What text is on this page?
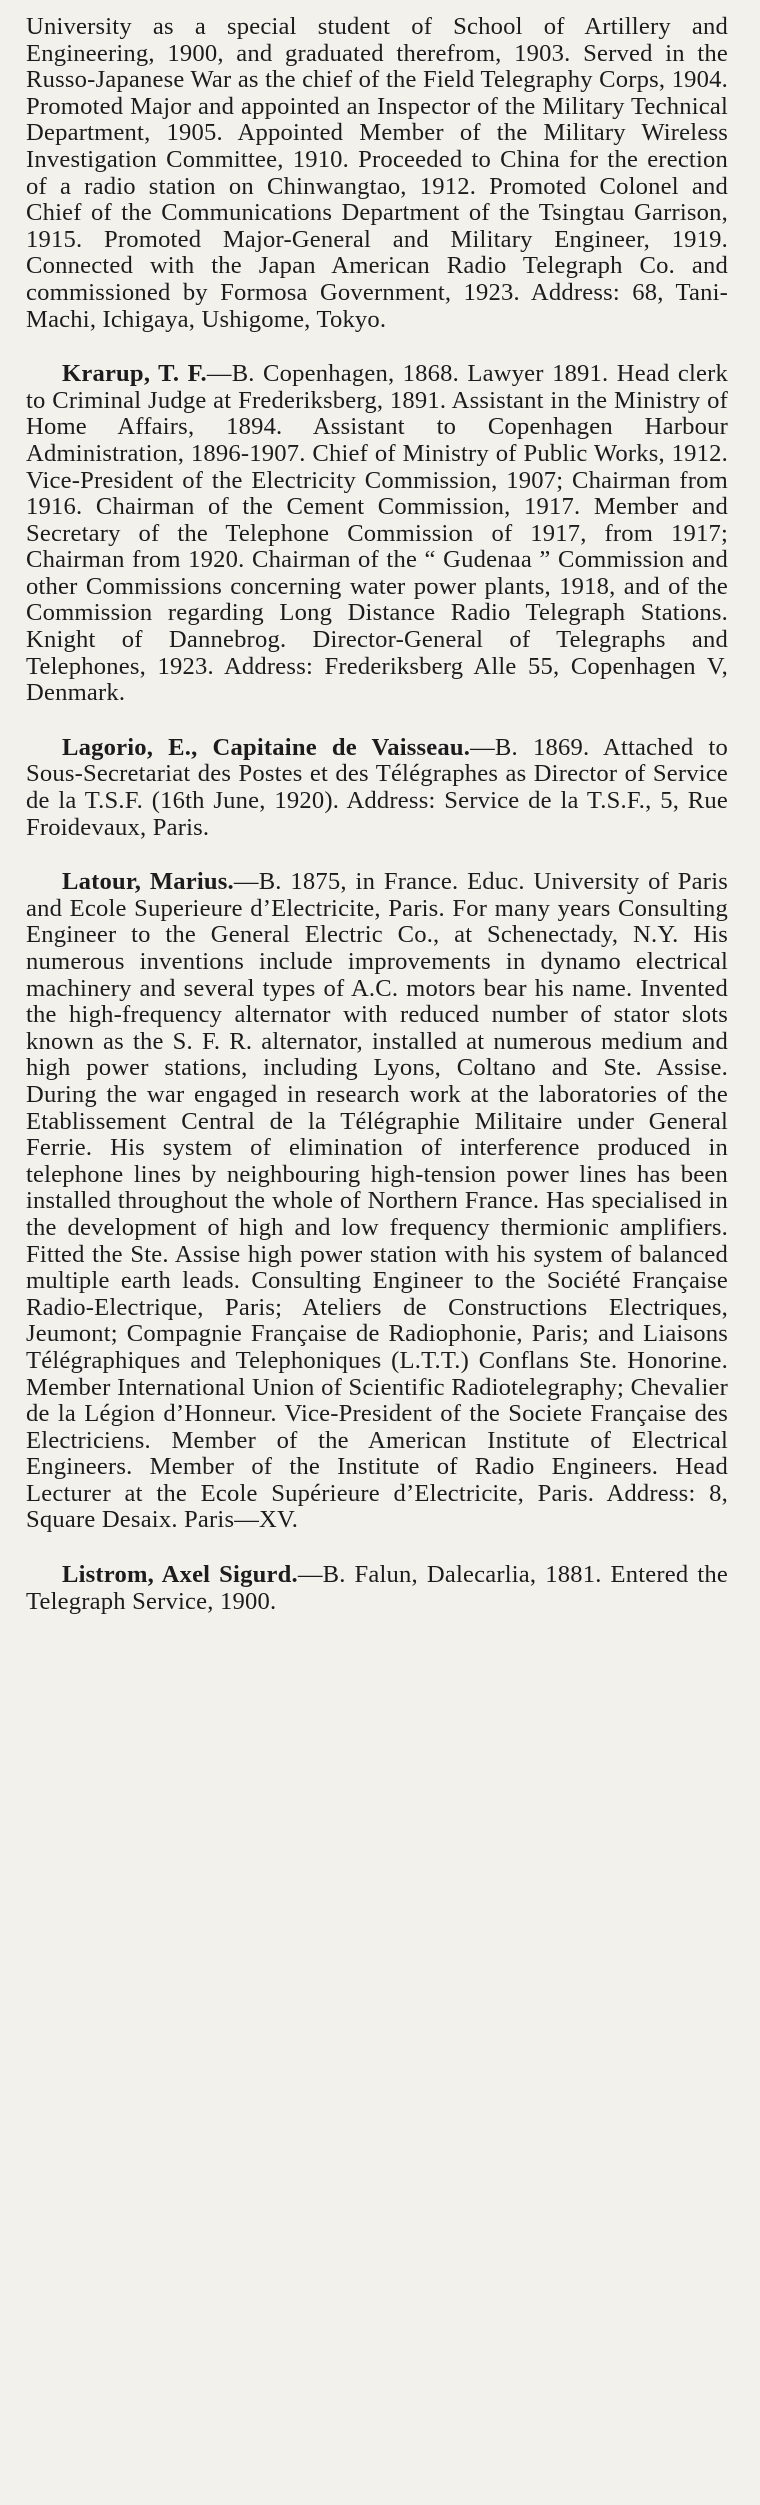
University as a special student of School of Artillery and Engineering, 1900, and graduated therefrom, 1903. Served in the Russo-Japanese War as the chief of the Field Telegraphy Corps, 1904. Promoted Major and appointed an Inspector of the Military Technical Department, 1905. Appointed Member of the Military Wireless Investigation Committee, 1910. Proceeded to China for the erection of a radio station on Chinwangtao, 1912. Promoted Colonel and Chief of the Communications Department of the Tsingtau Garrison, 1915. Promoted Major-General and Military Engineer, 1919. Connected with the Japan American Radio Telegraph Co. and commissioned by Formosa Government, 1923. Address: 68, Tani-Machi, Ichigaya, Ushigome, Tokyo.

Krarup, T. F.—B. Copenhagen, 1868. Lawyer 1891. Head clerk to Criminal Judge at Frederiksberg, 1891. Assistant in the Ministry of Home Affairs, 1894. Assistant to Copenhagen Harbour Administration, 1896-1907. Chief of Ministry of Public Works, 1912. Vice-President of the Electricity Commission, 1907; Chairman from 1916. Chairman of the Cement Commission, 1917. Member and Secretary of the Telephone Commission of 1917, from 1917; Chairman from 1920. Chairman of the “ Gudenaa ” Commission and other Commissions concerning water power plants, 1918, and of the Commission regarding Long Distance Radio Telegraph Stations. Knight of Dannebrog. Director-General of Telegraphs and Telephones, 1923. Address: Frederiksberg Alle 55, Copenhagen V, Denmark.

Lagorio, E., Capitaine de Vaisseau.—B. 1869. Attached to Sous-Secretariat des Postes et des Télégraphes as Director of Service de la T.S.F. (16th June, 1920). Address: Service de la T.S.F., 5, Rue Froidevaux, Paris.

Latour, Marius.—B. 1875, in France. Educ. University of Paris and Ecole Superieure d’Electricite, Paris. For many years Consulting Engineer to the General Electric Co., at Schenectady, N.Y. His numerous inventions include improvements in dynamo electrical machinery and several types of A.C. motors bear his name. Invented the high-frequency alternator with reduced number of stator slots known as the S. F. R. alternator, installed at numerous medium and high power stations, including Lyons, Coltano and Ste. Assise. During the war engaged in research work at the laboratories of the Etablissement Central de la Télégraphie Militaire under General Ferrie. His system of elimination of interference produced in telephone lines by neighbouring high-tension power lines has been installed throughout the whole of Northern France. Has specialised in the development of high and low frequency thermionic amplifiers. Fitted the Ste. Assise high power station with his system of balanced multiple earth leads. Consulting Engineer to the Société Française Radio-Electrique, Paris; Ateliers de Constructions Electriques, Jeumont; Compagnie Française de Radiophonie, Paris; and Liaisons Télégraphiques and Telephoniques (L.T.T.) Conflans Ste. Honorine. Member International Union of Scientific Radiotelegraphy; Chevalier de la Légion d’Honneur. Vice-President of the Societe Française des Electriciens. Member of the American Institute of Electrical Engineers. Member of the Institute of Radio Engineers. Head Lecturer at the Ecole Supérieure d’Electricite, Paris. Address: 8, Square Desaix. Paris—XV.

Listrom, Axel Sigurd.—B. Falun, Dalecarlia, 1881. Entered the Telegraph Service, 1900.
